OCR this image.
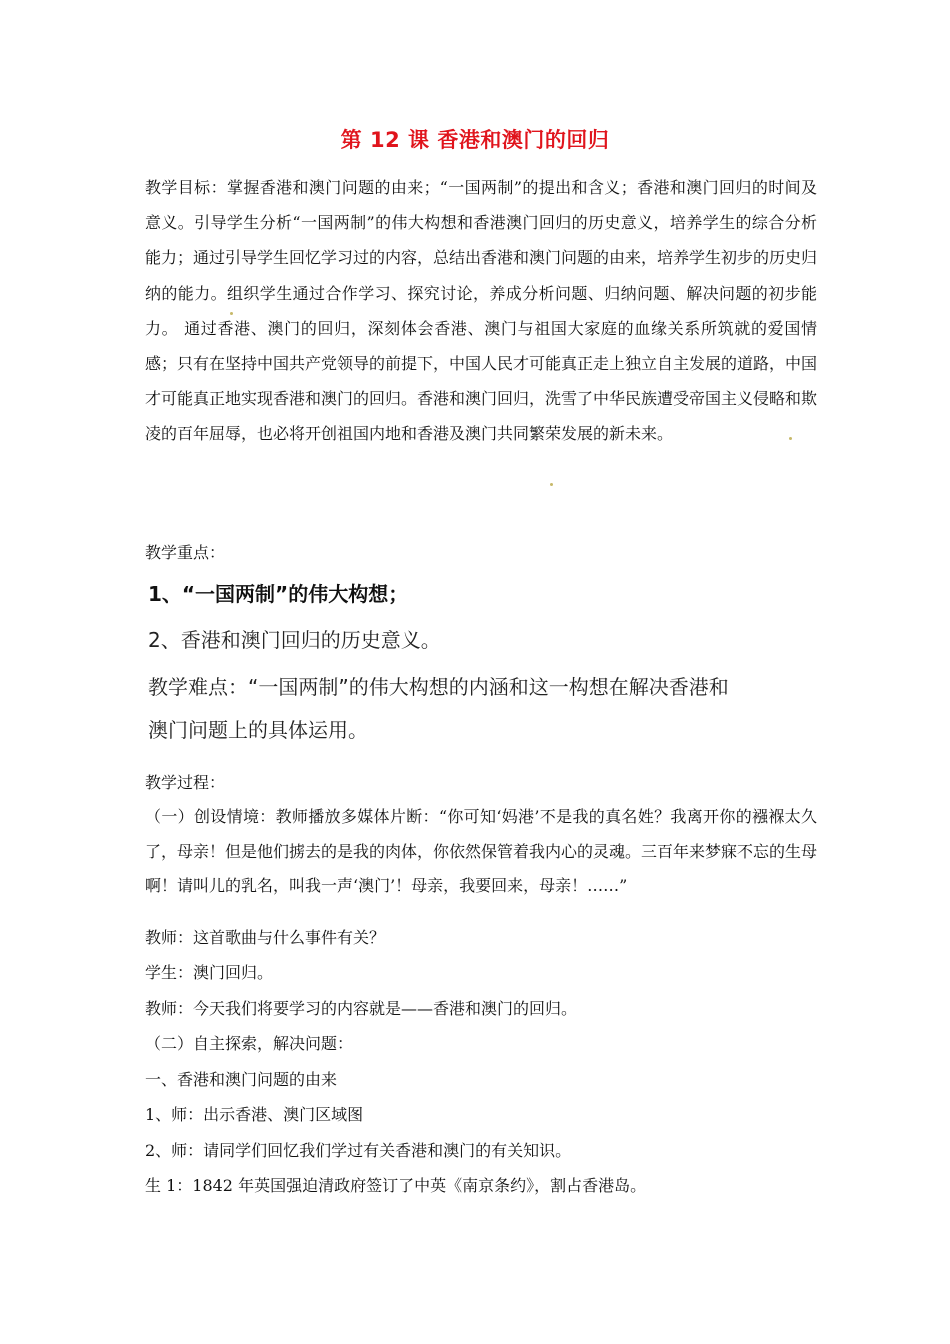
第 12 课 香港和澳门的回归

教学目标：掌握香港和澳门问题的由来；“一国两制”的提出和含义；香港和澳门回归的时间及意义。引导学生分析“一国两制”的伟大构想和香港澳门回归的历史意义，培养学生的综合分析能力；通过引导学生回忆学习过的内容，总结出香港和澳门问题的由来，培养学生初步的历史归纳的能力。组织学生通过合作学习、探究讨论，养成分析问题、归纳问题、解决问题的初步能力。 通过香港、澳门的回归，深刻体会香港、澳门与祖国大家庭的血缘关系所筑就的爱国情感；只有在坚持中国共产党领导的前提下，中国人民才可能真正走上独立自主发展的道路，中国才可能真正地实现香港和澳门的回归。香港和澳门回归，洗雪了中华民族遭受帝国主义侵略和欺凌的百年屈辱，也必将开创祖国内地和香港及澳门共同繁荣发展的新未来。

教学重点：
1、“一国两制”的伟大构想；
2、香港和澳门回归的历史意义。
教学难点：“一国两制”的伟大构想的内涵和这一构想在解决香港和
澳门问题上的具体运用。
教学过程：

（一）创设情境：教师播放多媒体片断：“你可知‘妈港’不是我的真名姓？我离开你的襁褓太久了，母亲！但是他们掳去的是我的肉体，你依然保管着我内心的灵魂。三百年来梦寐不忘的生母啊！请叫儿的乳名，叫我一声‘澳门’！母亲，我要回来，母亲！……”

教师：这首歌曲与什么事件有关？
学生：澳门回归。
教师：今天我们将要学习的内容就是——香港和澳门的回归。
（二）自主探索，解决问题：
一、香港和澳门问题的由来
1、师：出示香港、澳门区域图
2、师：请同学们回忆我们学过有关香港和澳门的有关知识。
生 1：1842 年英国强迫清政府签订了中英《南京条约》，割占香港岛。
